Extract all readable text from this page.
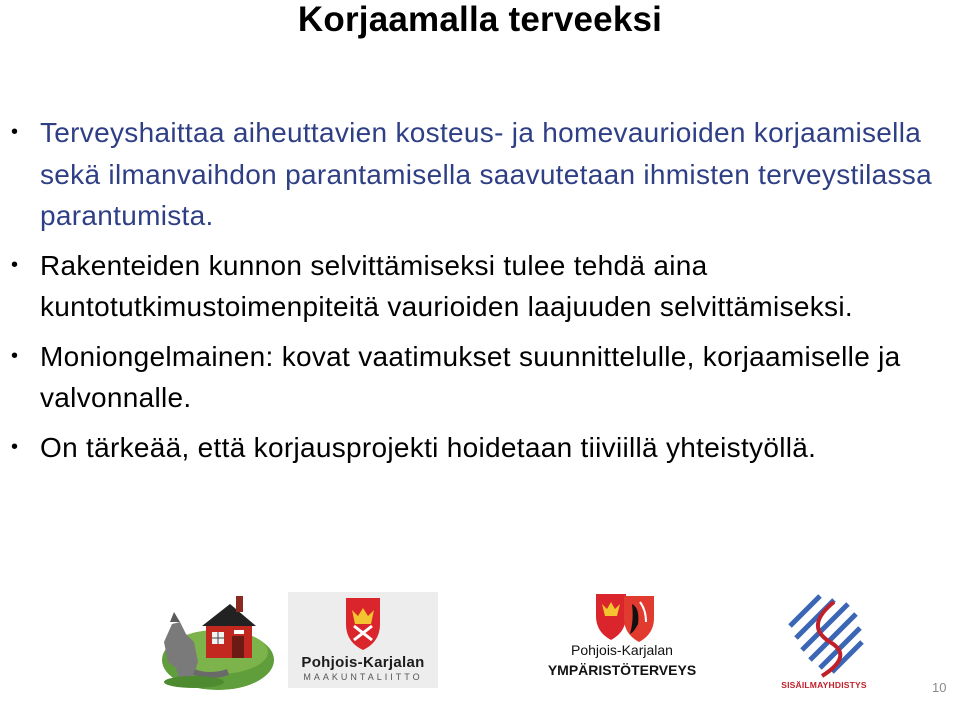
Korjaamalla terveeksi
• Terveyshaittaa aiheuttavien kosteus- ja homevaurioiden korjaamisella sekä ilmanvaihdon parantamisella saavutetaan ihmisten terveystilassa parantumista.
• Rakenteiden kunnon selvittämiseksi tulee tehdä aina kuntotutkimustoimenpiteitä vaurioiden laajuuden selvittämiseksi.
• Moniongelmainen: kovat vaatimukset suunnittelulle, korjaamiselle ja valvonnalle.
• On tärkeää, että korjausprojekti hoidetaan tiiviillä yhteistyöllä.
Pohjois-Karjalan
MAAKUNTALIITTO
Pohjois-Karjalan
YMPÄRISTÖTERVEYS
SISÄILMAYHDISTYS	10
